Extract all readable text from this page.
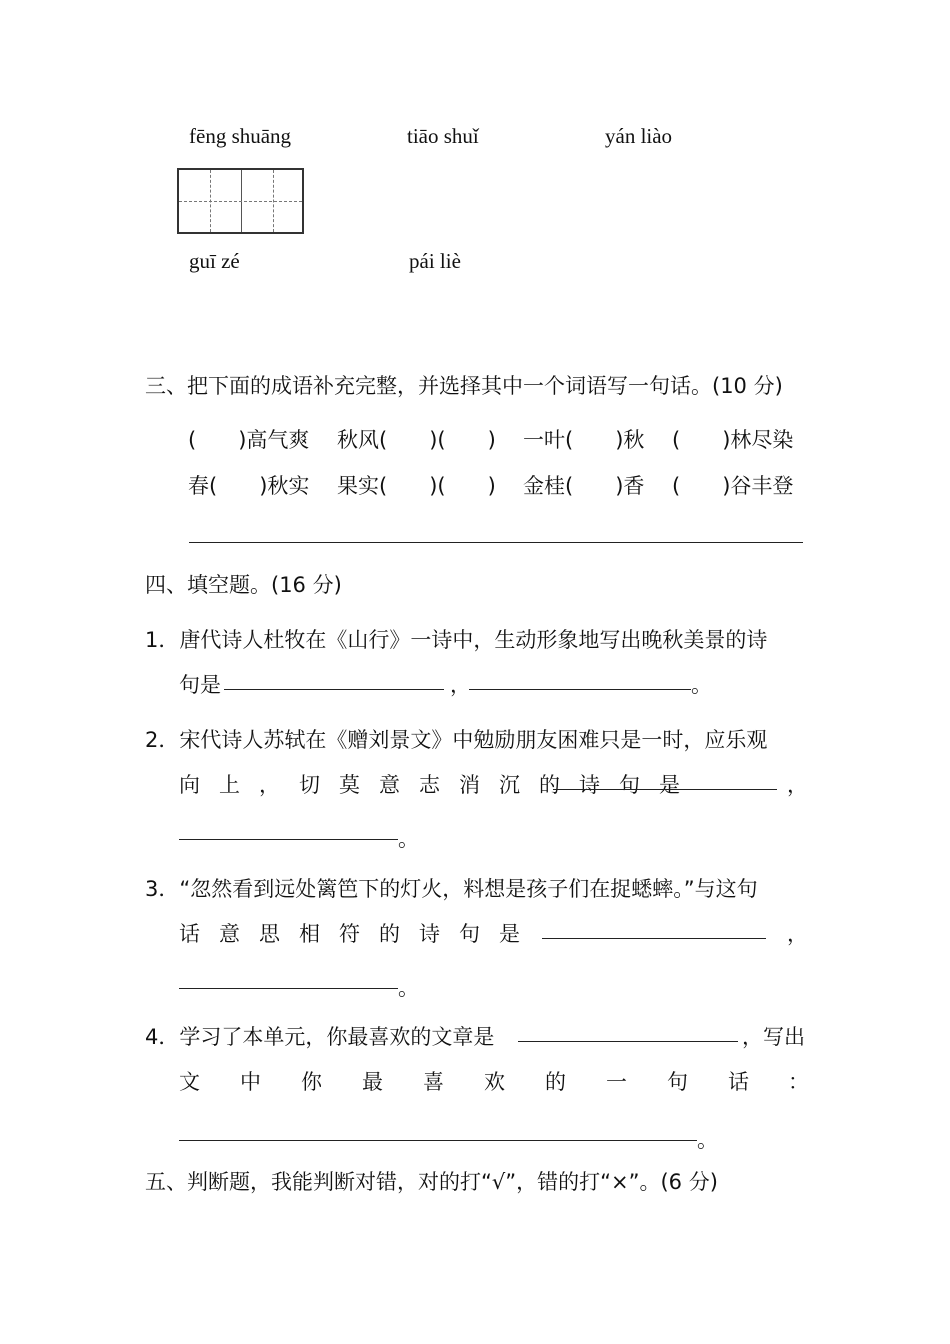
fēng shuāng	tiāo shuǐ	yán liào
guī zé	pái liè
三、把下面的成语补充完整，并选择其中一个词语写一句话。(10 分)
(　　)高气爽 秋风(　　)(　　) 一叶(　　)秋 (　　)林尽染
春(　　)秋实 果实(　　)(　　) 金桂(　　)香 (　　)谷丰登
四、填空题。(16 分)
1．唐代诗人杜牧在《山行》一诗中，生动形象地写出晚秋美景的诗
句是	，	。
2．宋代诗人苏轼在《赠刘景文》中勉励朋友困难只是一时，应乐观
向上，切莫意志消沉的诗句是	，
。
3．“忽然看到远处篱笆下的灯火，料想是孩子们在捉蟋蟀。”与这句
话意思相符的诗句是	，
。
4．学习了本单元，你最喜欢的文章是	，写出
文中你最喜欢的一句话 ：
。
五、判断题，我能判断对错，对的打“√”，错的打“×”。(6 分)
